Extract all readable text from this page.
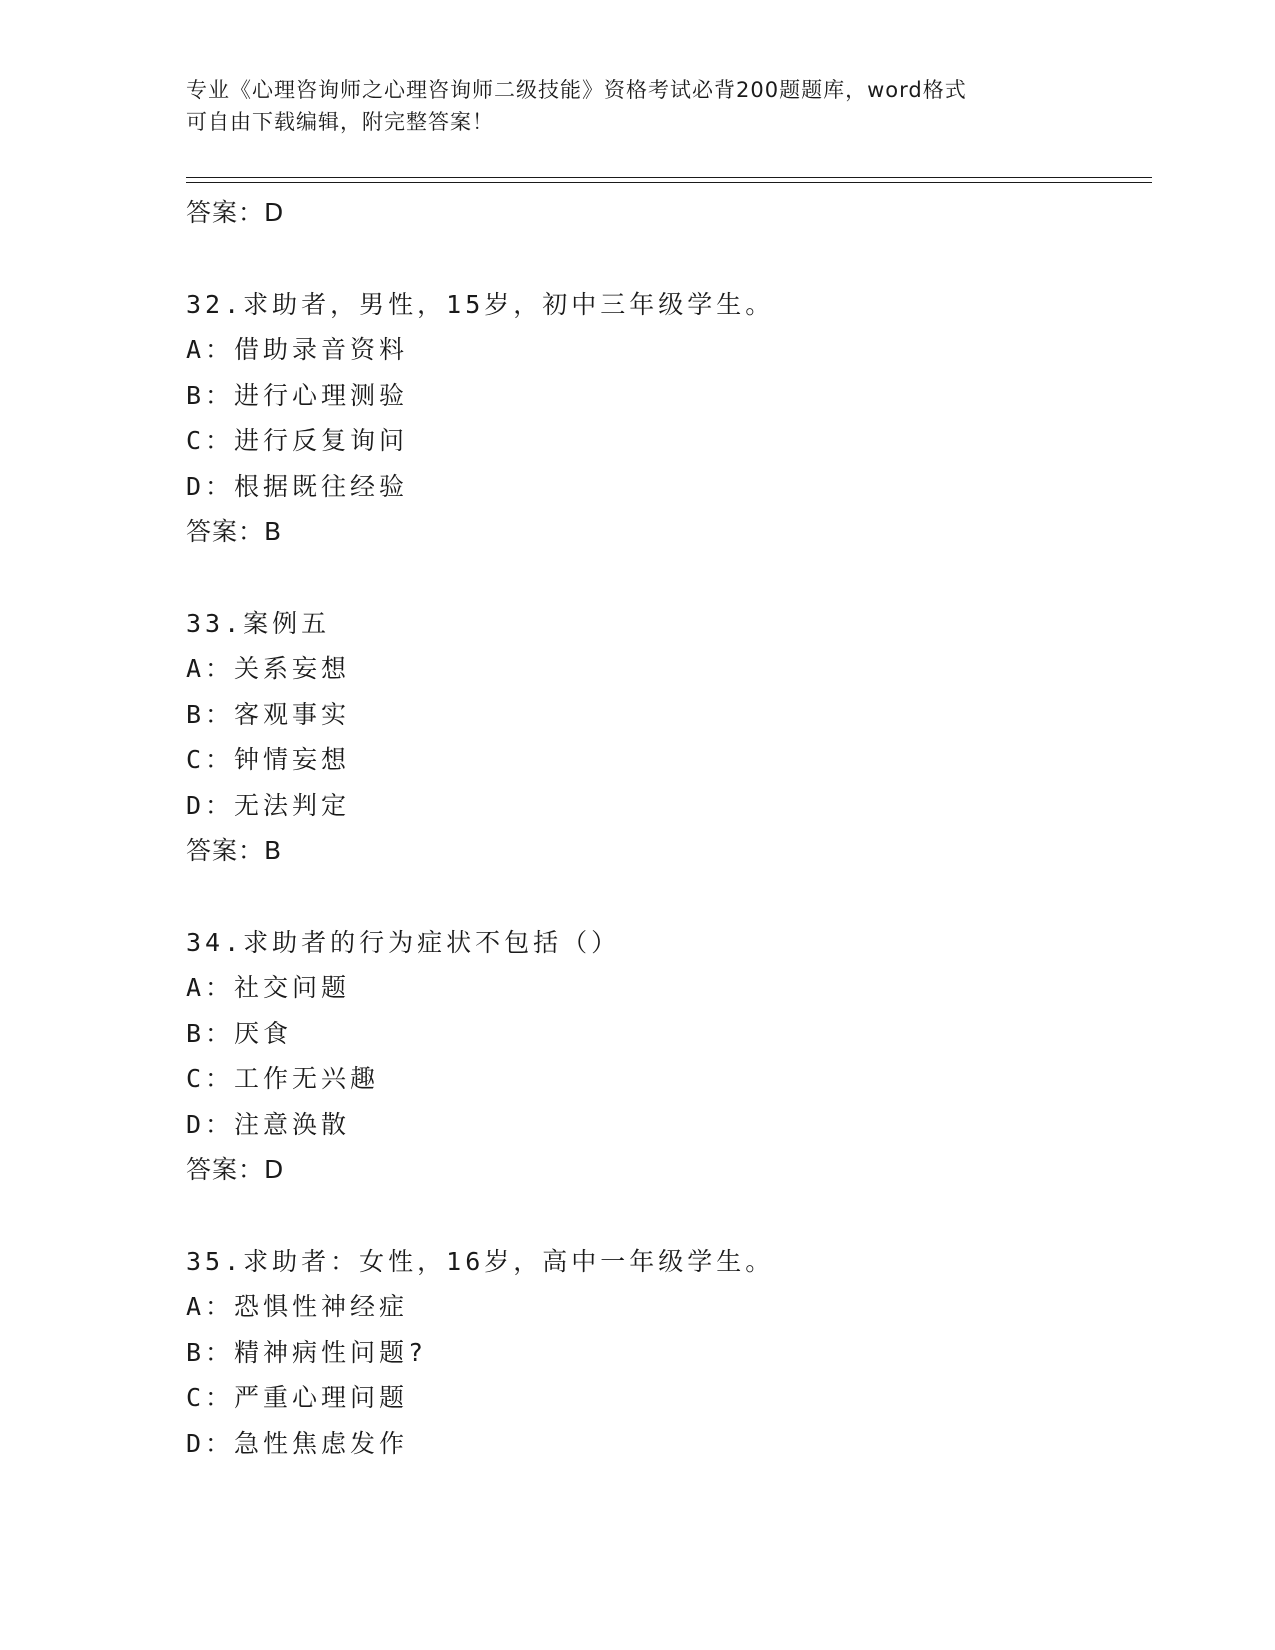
专业《心理咨询师之心理咨询师二级技能》资格考试必背200题题库，word格式
可自由下载编辑，附完整答案！
答案：D
32.求助者，男性，15岁，初中三年级学生。
A：借助录音资料
B：进行心理测验
C：进行反复询问
D：根据既往经验
答案：B
33.案例五
A：关系妄想
B：客观事实
C：钟情妄想
D：无法判定
答案：B
34.求助者的行为症状不包括（）
A：社交问题
B：厌食
C：工作无兴趣
D：注意涣散
答案：D
35.求助者：女性，16岁，高中一年级学生。
A：恐惧性神经症
B：精神病性问题?
C：严重心理问题
D：急性焦虑发作
